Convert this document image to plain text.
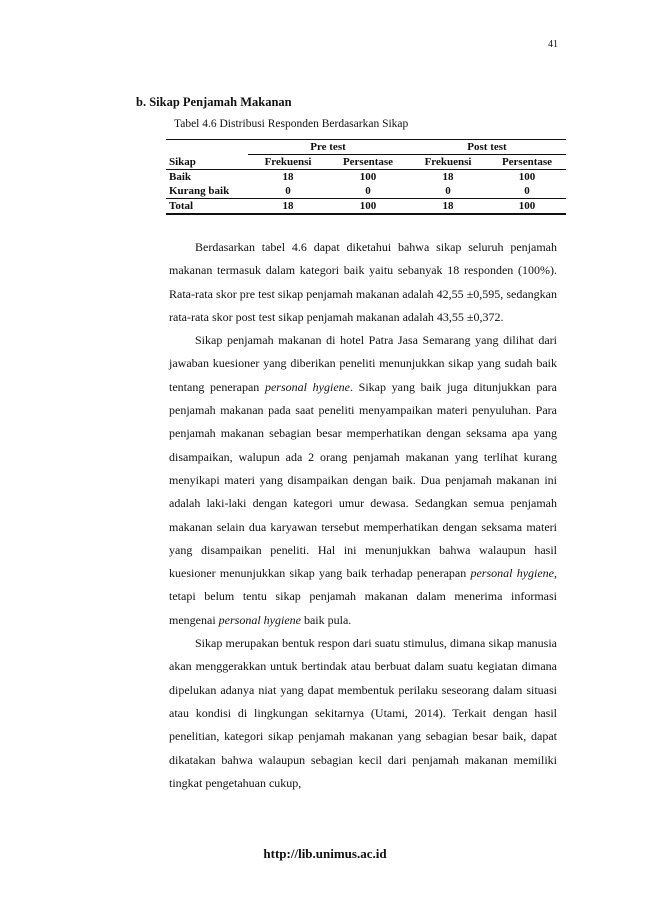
41
b. Sikap Penjamah Makanan
Tabel 4.6 Distribusi Responden Berdasarkan Sikap
	Pre test		Post test	
Sikap	Frekuensi	Persentase	Frekuensi	Persentase
Baik	18	100	18	100
Kurang baik	0	0	0	0
Total	18	100	18	100

Berdasarkan tabel 4.6 dapat diketahui bahwa sikap seluruh penjamah makanan termasuk dalam kategori baik yaitu sebanyak 18 responden (100%). Rata-rata skor pre test sikap penjamah makanan adalah 42,55 ±0,595, sedangkan rata-rata skor post test sikap penjamah makanan adalah 43,55 ±0,372.

Sikap penjamah makanan di hotel Patra Jasa Semarang yang dilihat dari jawaban kuesioner yang diberikan peneliti menunjukkan sikap yang sudah baik tentang penerapan personal hygiene. Sikap yang baik juga ditunjukkan para penjamah makanan pada saat peneliti menyampaikan materi penyuluhan. Para penjamah makanan sebagian besar memperhatikan dengan seksama apa yang disampaikan, walupun ada 2 orang penjamah makanan yang terlihat kurang menyikapi materi yang disampaikan dengan baik. Dua penjamah makanan ini adalah laki-laki dengan kategori umur dewasa. Sedangkan semua penjamah makanan selain dua karyawan tersebut memperhatikan dengan seksama materi yang disampaikan peneliti. Hal ini menunjukkan bahwa walaupun hasil kuesioner menunjukkan sikap yang baik terhadap penerapan personal hygiene, tetapi belum tentu sikap penjamah makanan dalam menerima informasi mengenai personal hygiene baik pula.

Sikap merupakan bentuk respon dari suatu stimulus, dimana sikap manusia akan menggerakkan untuk bertindak atau berbuat dalam suatu kegiatan dimana dipelukan adanya niat yang dapat membentuk perilaku seseorang dalam situasi atau kondisi di lingkungan sekitarnya (Utami, 2014). Terkait dengan hasil penelitian, kategori sikap penjamah makanan yang sebagian besar baik, dapat dikatakan bahwa walaupun sebagian kecil dari penjamah makanan memiliki tingkat pengetahuan cukup,

http://lib.unimus.ac.id
